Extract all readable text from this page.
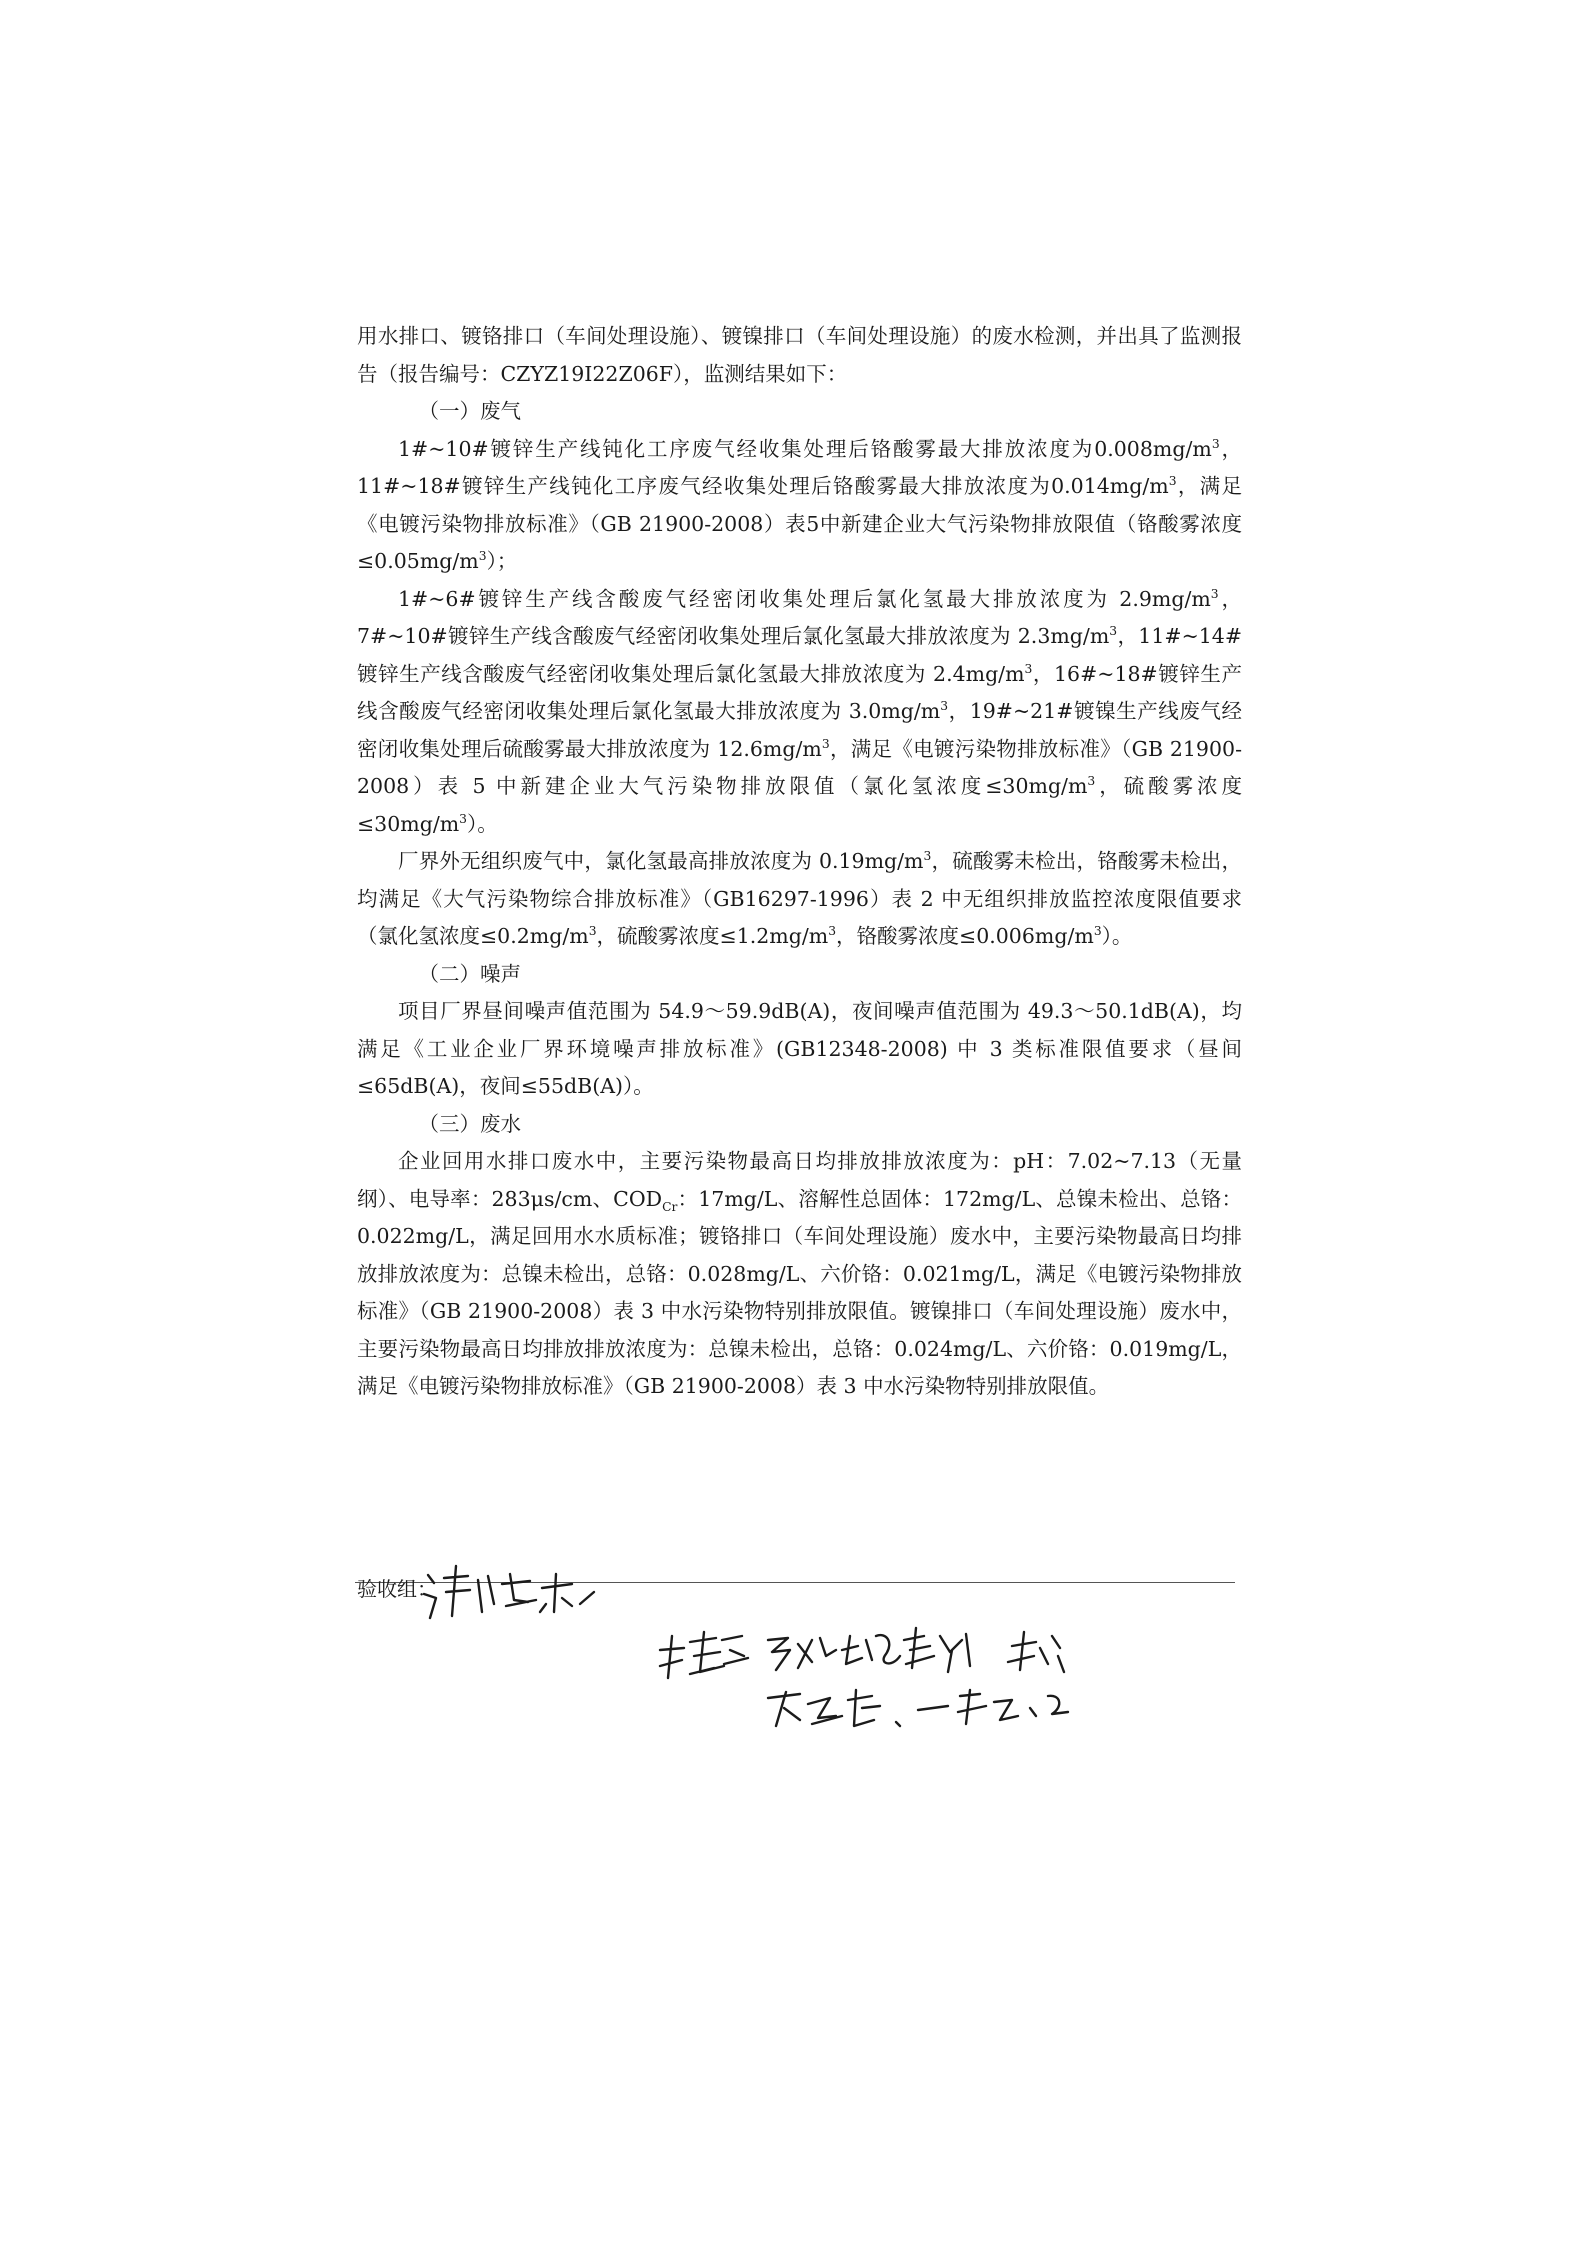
用水排口、镀铬排口（车间处理设施）、镀镍排口（车间处理设施）的废水检测，并出具了监测报告（报告编号：CZYZ19I22Z06F），监测结果如下：

（一）废气

1#~10#镀锌生产线钝化工序废气经收集处理后铬酸雾最大排放浓度为$0.008mg/m^3$，11#~18#镀锌生产线钝化工序废气经收集处理后铬酸雾最大排放浓度为$0.014mg/m^3$，满足《电镀污染物排放标准》（GB 21900-2008）表5中新建企业大气污染物排放限值（铬酸雾浓度$\le 0.05mg/m^3$）；

1#~6#镀锌生产线含酸废气经密闭收集处理后氯化氢最大排放浓度为 $2.9mg/m^3$，7#~10#镀锌生产线含酸废气经密闭收集处理后氯化氢最大排放浓度为 $2.3mg/m^3$，11#~14#镀锌生产线含酸废气经密闭收集处理后氯化氢最大排放浓度为 $2.4mg/m^3$，16#~18#镀锌生产线含酸废气经密闭收集处理后氯化氢最大排放浓度为 $3.0mg/m^3$，19#~21#镀镍生产线废气经密闭收集处理后硫酸雾最大排放浓度为 $12.6mg/m^3$，满足《电镀污染物排放标准》（GB 21900-2008）表 5 中新建企业大气污染物排放限值（氯化氢浓度$\le 30mg/m^3$，硫酸雾浓度$\le 30mg/m^3$）。

厂界外无组织废气中，氯化氢最高排放浓度为 $0.19mg/m^3$，硫酸雾未检出，铬酸雾未检出，均满足《大气污染物综合排放标准》（GB16297-1996）表 2 中无组织排放监控浓度限值要求（氯化氢浓度$\le 0.2mg/m^3$，硫酸雾浓度$\le 1.2mg/m^3$，铬酸雾浓度$\le 0.006mg/m^3$）。

（二）噪声

项目厂界昼间噪声值范围为 54.9～59.9dB(A)，夜间噪声值范围为 49.3～50.1dB(A)，均满足《工业企业厂界环境噪声排放标准》(GB12348-2008) 中 3 类标准限值要求（昼间≤65dB(A)，夜间≤55dB(A)）。

（三）废水

企业回用水排口废水中，主要污染物最高日均排放排放浓度为：pH：7.02~7.13（无量纲）、电导率：283μs/cm、$COD_{Cr}$：17mg/L、溶解性总固体：172mg/L、总镍未检出、总铬：0.022mg/L，满足回用水水质标准；镀铬排口（车间处理设施）废水中，主要污染物最高日均排放排放浓度为：总镍未检出，总铬：0.028mg/L、六价铬：0.021mg/L，满足《电镀污染物排放标准》（GB 21900-2008）表 3 中水污染物特别排放限值。镀镍排口（车间处理设施）废水中，主要污染物最高日均排放排放浓度为：总镍未检出，总铬：0.024mg/L、六价铬：0.019mg/L，满足《电镀污染物排放标准》（GB 21900-2008）表 3 中水污染物特别排放限值。

验收组：
